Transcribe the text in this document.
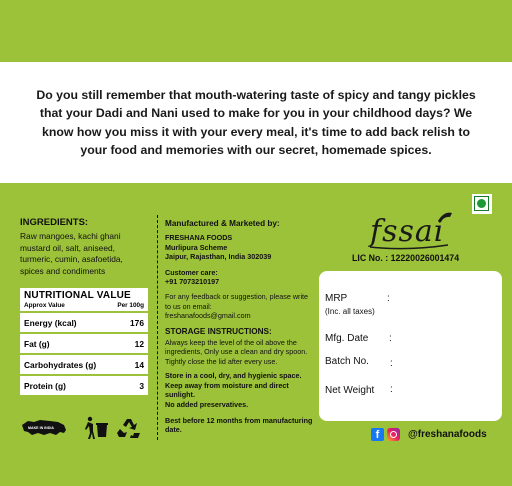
Do you still remember that mouth-watering taste of spicy and tangy pickles that your Dadi and Nani used to make for you in your childhood days? We know how you miss it with your every meal, it's time to add back relish to your food and memories with our secret, homemade spices.
INGREDIENTS:
Raw mangoes, kachi ghani mustard oil, salt, aniseed, turmeric, cumin, asafoetida, spices and condiments
NUTRITIONAL VALUE
Approx Value	Per 100g
Energy (kcal)	176
Fat (g)	12
Carbohydrates (g)	14
Protein (g)	3
MAKE IN INDIA
Manufactured & Marketed by:
FRESHANA FOODS
Murlipura Scheme
Jaipur, Rajasthan, India 302039
Customer care:
+91 7073210197
For any feedback or suggestion, please write to us on email:
freshanafoods@gmail.com
STORAGE INSTRUCTIONS:
Always keep the level of the oil above the ingredients, Only use a clean and dry spoon. Tightly close the lid after every use.
Store in a cool, dry, and hygienic space.
Keep away from moisture and direct sunlight.
No added preservatives.
Best before 12 months from manufacturing date.
fssai
LIC No. : 12220026001474
MRP
(Inc. all taxes)
:
Mfg. Date :
Batch No. :
Net Weight :
f	@freshanafoods
